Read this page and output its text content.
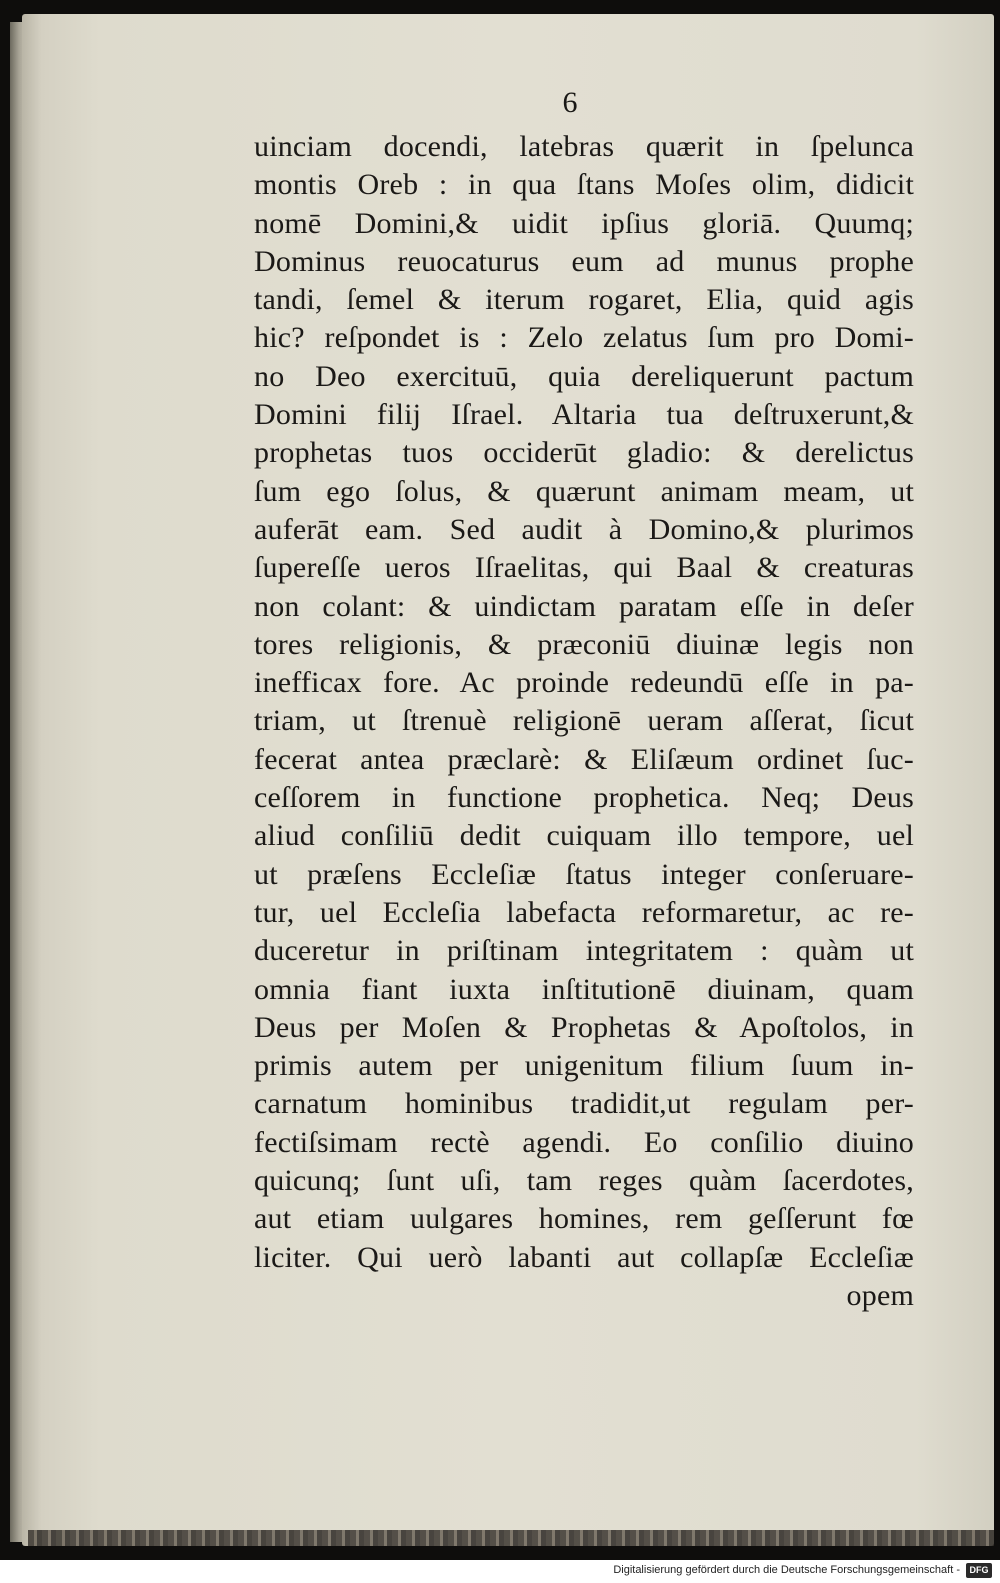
6
uinciam docendi, latebras quærit in ſpelunca
montis Oreb : in qua ſtans Moſes olim, didicit
nomē Domini,& uidit ipſius gloriā. Quumq;
Dominus reuocaturus eum ad munus prophe
tandi, ſemel & iterum rogaret, Elia, quid agis
hic? reſpondet is : Zelo zelatus ſum pro Domi-
no Deo exercituū, quia dereliquerunt pactum
Domini filij Iſrael. Altaria tua deſtruxerunt,&
prophetas tuos occiderūt gladio: & derelictus
ſum ego ſolus, & quærunt animam meam, ut
auferāt eam. Sed audit à Domino,& plurimos
ſupereſſe ueros Iſraelitas, qui Baal & creaturas
non colant: & uindictam paratam eſſe in deſer
tores religionis, & præconiū diuinæ legis non
inefficax fore. Ac proinde redeundū eſſe in pa-
triam, ut ſtrenuè religionē ueram aſſerat, ſicut
fecerat antea præclarè: & Eliſæum ordinet ſuc-
ceſſorem in functione prophetica. Neq; Deus
aliud conſiliū dedit cuiquam illo tempore, uel
ut præſens Eccleſiæ ſtatus integer conſeruare-
tur, uel Eccleſia labefacta reformaretur, ac re-
duceretur in priſtinam integritatem : quàm ut
omnia fiant iuxta inſtitutionē diuinam, quam
Deus per Moſen & Prophetas & Apoſtolos, in
primis autem per unigenitum filium ſuum in-
carnatum hominibus tradidit,ut regulam per-
fectiſsimam rectè agendi. Eo conſilio diuino
quicunq; ſunt uſi, tam reges quàm ſacerdotes,
aut etiam uulgares homines, rem geſſerunt fœ
liciter. Qui uerò labanti aut collapſæ Eccleſiæ
opem
Digitalisierung gefördert durch die Deutsche Forschungsgemeinschaft -	DFG
